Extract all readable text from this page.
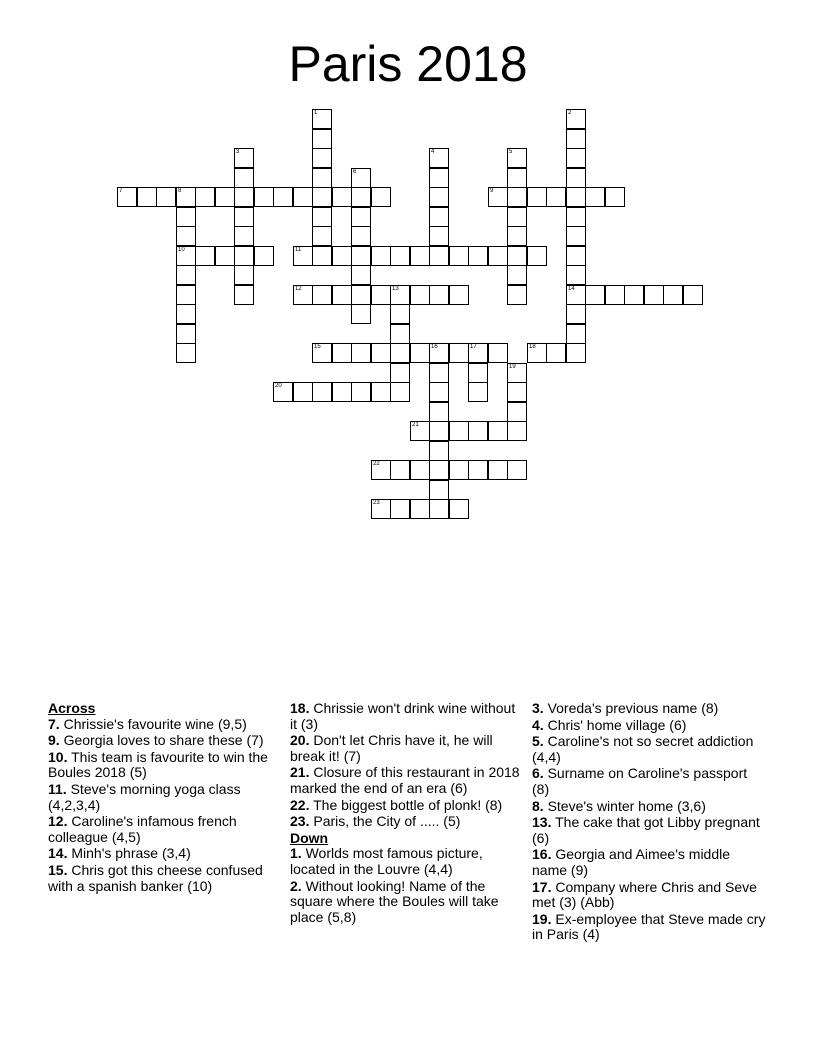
Paris 2018
1	2
14
3	4	5
6
7	8
10
9
11
12	13
15	16	17	18
19
20
21
22
23
Across
7. Chrissie's favourite wine (9,5)
9. Georgia loves to share these (7)
10. This team is favourite to win the Boules 2018 (5)
11. Steve's morning yoga class (4,2,3,4)
12. Caroline's infamous french colleague (4,5)
14. Minh's phrase (3,4)
15. Chris got this cheese confused with a spanish banker (10)
18. Chrissie won't drink wine without it (3)
20. Don't let Chris have it, he will break it! (7)
21. Closure of this restaurant in 2018 marked the end of an era (6)
22. The biggest bottle of plonk! (8)
23. Paris, the City of ..... (5)
Down
1. Worlds most famous picture, located in the Louvre (4,4)
2. Without looking! Name of the square where the Boules will take place (5,8)
3. Voreda's previous name (8)
4. Chris' home village (6)
5. Caroline's not so secret addiction (4,4)
6. Surname on Caroline's passport (8)
8. Steve's winter home (3,6)
13. The cake that got Libby pregnant (6)
16. Georgia and Aimee's middle name (9)
17. Company where Chris and Seve met (3) (Abb)
19. Ex-employee that Steve made cry in Paris (4)
